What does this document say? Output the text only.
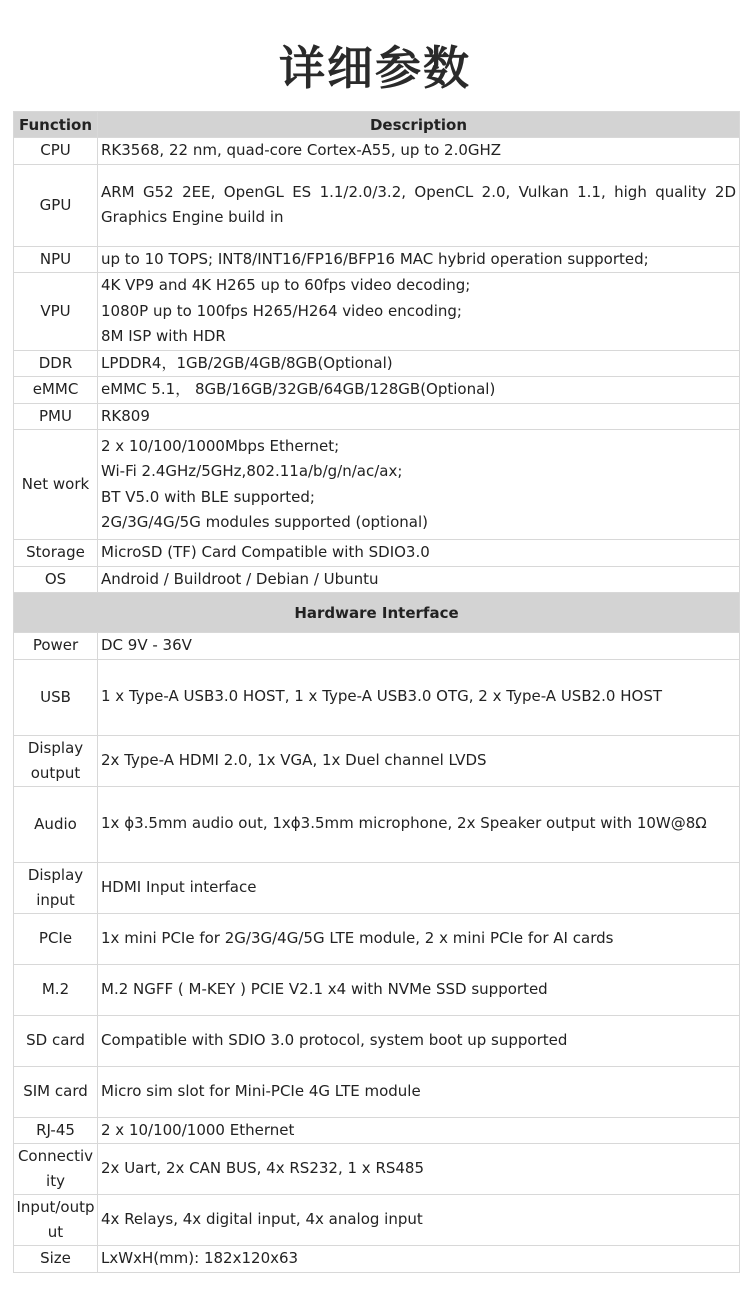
详细参数
Function	Description
CPU	RK3568, 22 nm, quad-core Cortex-A55, up to 2.0GHZ

GPU	ARM G52 2EE, OpenGL ES 1.1/2.0/3.2, OpenCL 2.0, Vulkan 1.1, high quality 2D Graphics Engine build in
NPU	up to 10 TOPS; INT8/INT16/FP16/BFP16 MAC hybrid operation supported;

VPU	4K VP9 and 4K H265 up to 60fps video decoding;
1080P up to 100fps H265/H264 video encoding;
8M ISP with HDR

DDR	LPDDR4，1GB/2GB/4GB/8GB(Optional)

eMMC	eMMC 5.1， 8GB/16GB/32GB/64GB/128GB(Optional)

PMU	RK809

Net work	2 x 10/100/1000Mbps Ethernet;
Wi-Fi 2.4GHz/5GHz,802.11a/b/g/n/ac/ax;
BT V5.0 with BLE supported;
2G/3G/4G/5G modules supported (optional)

Storage	MicroSD (TF) Card Compatible with SDIO3.0

OS	Android / Buildroot / Debian / Ubuntu

Hardware Interface	
Power	DC 9V - 36V

USB	1 x Type-A USB3.0 HOST, 1 x Type-A USB3.0 OTG, 2 x Type-A USB2.0 HOST

Display output	2x Type-A HDMI 2.0, 1x VGA, 1x Duel channel LVDS

Audio	1x ϕ3.5mm audio out, 1xϕ3.5mm microphone, 2x Speaker output with 10W@8Ω

Display input	HDMI Input interface

PCIe	1x mini PCIe for 2G/3G/4G/5G LTE module, 2 x mini PCIe for AI cards

M.2	M.2 NGFF ( M-KEY ) PCIE V2.1 x4 with NVMe SSD supported

SD card	Compatible with SDIO 3.0 protocol, system boot up supported

SIM card	Micro sim slot for Mini-PCIe 4G LTE module

RJ-45	2 x 10/100/1000 Ethernet

Connectivity	2x Uart, 2x CAN BUS, 4x RS232, 1 x RS485

Input/output	4x Relays, 4x digital input, 4x analog input

Size	LxWxH(mm): 182x120x63
